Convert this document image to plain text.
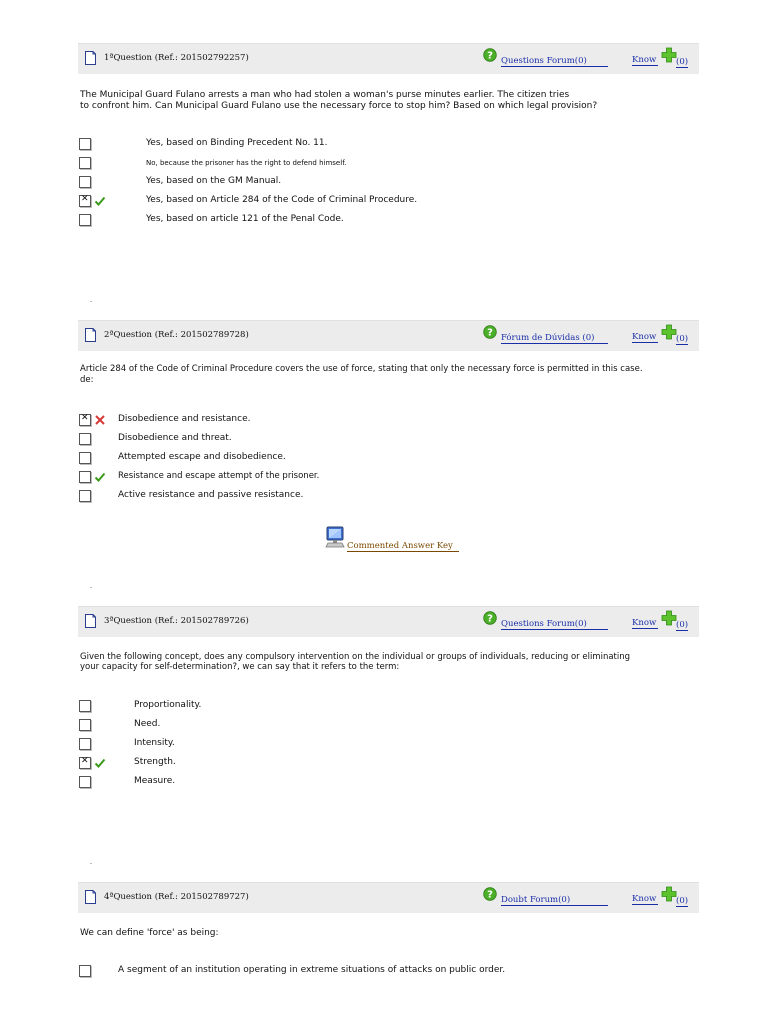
1ªQuestion (Ref.: 201502792257)	? Questions Forum(0)	Know (0)
The Municipal Guard Fulano arrests a man who had stolen a woman's purse minutes earlier. The citizen tries
to confront him. Can Municipal Guard Fulano use the necessary force to stop him? Based on which legal provision?
Yes, based on Binding Precedent No. 11.
No, because the prisoner has the right to defend himself.
Yes, based on the GM Manual.
✕
Yes, based on Article 284 of the Code of Criminal Procedure.
Yes, based on article 121 of the Penal Code.
2ªQuestion (Ref.: 201502789728)	? Fórum de Dúvidas (0)	Know (0)
Article 284 of the Code of Criminal Procedure covers the use of force, stating that only the necessary force is permitted in this case.
de:
✕
Disobedience and resistance.
Disobedience and threat.
Attempted escape and disobedience.
Resistance and escape attempt of the prisoner.
Active resistance and passive resistance.
Commented Answer Key
3ªQuestion (Ref.: 201502789726)	? Questions Forum(0)	Know (0)
Given the following concept, does any compulsory intervention on the individual or groups of individuals, reducing or eliminating
your capacity for self-determination?, we can say that it refers to the term:
Proportionality.
Need.
Intensity.
✕
Strength.
Measure.
4ªQuestion (Ref.: 201502789727)	? Doubt Forum(0)	Know (0)
We can define 'force' as being:
A segment of an institution operating in extreme situations of attacks on public order.
